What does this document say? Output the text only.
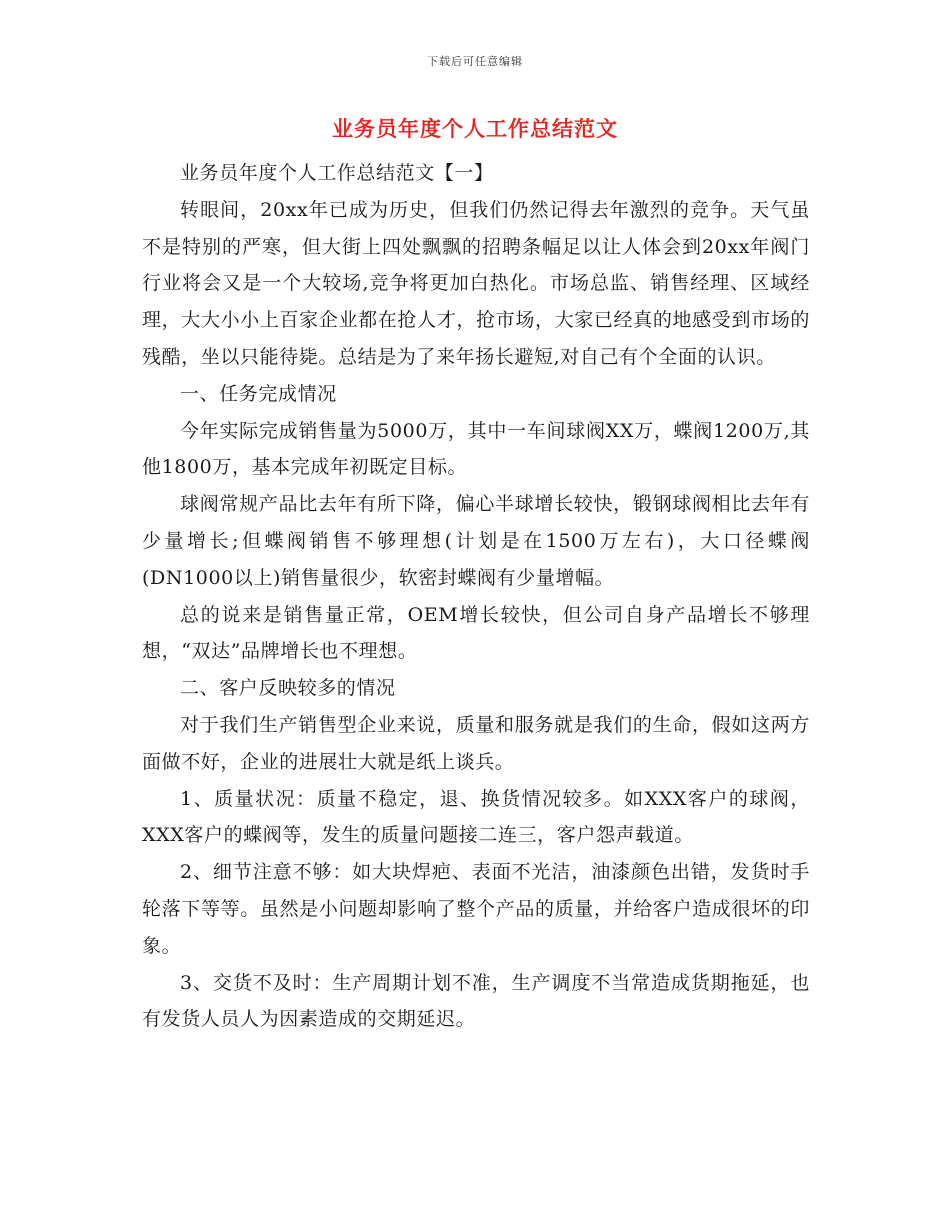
下载后可任意编辑
业务员年度个人工作总结范文

业务员年度个人工作总结范文【一】

转眼间，20xx年已成为历史，但我们仍然记得去年激烈的竞争。天气虽不是特别的严寒，但大街上四处飘飘的招聘条幅足以让人体会到20xx年阀门行业将会又是一个大较场,竞争将更加白热化。市场总监、销售经理、区域经理，大大小小上百家企业都在抢人才，抢市场，大家已经真的地感受到市场的残酷，坐以只能待毙。总结是为了来年扬长避短,对自己有个全面的认识。

一、任务完成情况

今年实际完成销售量为5000万，其中一车间球阀XX万，蝶阀1200万,其他1800万，基本完成年初既定目标。

球阀常规产品比去年有所下降，偏心半球增长较快，锻钢球阀相比去年有少量增长;但蝶阀销售不够理想(计划是在1500万左右)，大口径蝶阀(DN1000以上)销售量很少，软密封蝶阀有少量增幅。

总的说来是销售量正常，OEM增长较快，但公司自身产品增长不够理想，“双达”品牌增长也不理想。

二、客户反映较多的情况

对于我们生产销售型企业来说，质量和服务就是我们的生命，假如这两方面做不好，企业的进展壮大就是纸上谈兵。

1、质量状况：质量不稳定，退、换货情况较多。如XXX客户的球阀，XXX客户的蝶阀等，发生的质量问题接二连三，客户怨声载道。

2、细节注意不够：如大块焊疤、表面不光洁，油漆颜色出错，发货时手轮落下等等。虽然是小问题却影响了整个产品的质量，并给客户造成很坏的印象。

3、交货不及时：生产周期计划不准，生产调度不当常造成货期拖延，也有发货人员人为因素造成的交期延迟。
